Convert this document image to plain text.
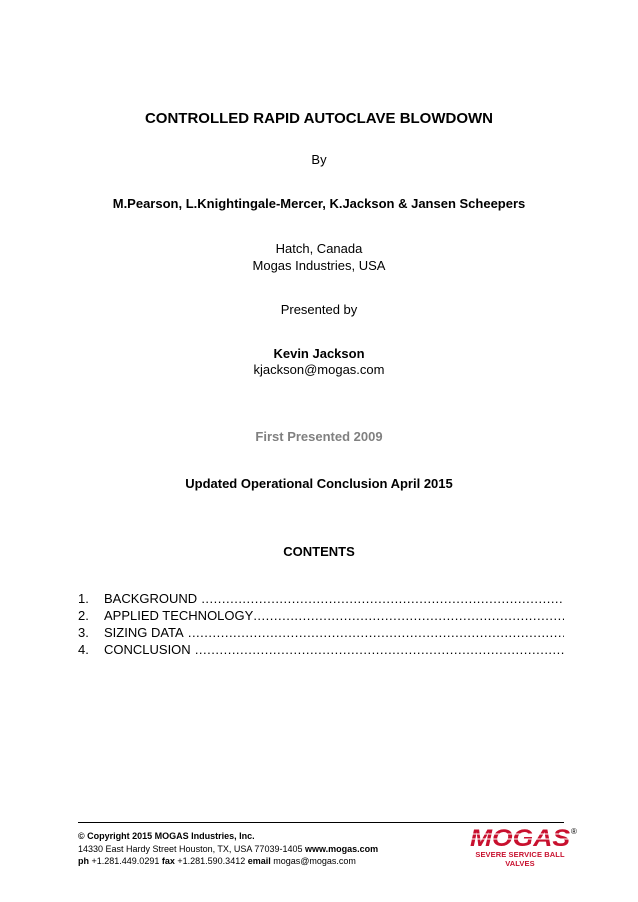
CONTROLLED RAPID AUTOCLAVE BLOWDOWN
By
M.Pearson, L.Knightingale-Mercer, K.Jackson & Jansen Scheepers
Hatch, Canada
Mogas Industries, USA
Presented by
Kevin Jackson
kjackson@mogas.com
First Presented 2009
Updated Operational Conclusion April 2015
CONTENTS
1.	BACKGROUND
.....
2.	APPLIED TECHNOLOGY
.....
3.	SIZING DATA
.....
4.	CONCLUSION
.....
© Copyright 2015 MOGAS Industries, Inc.
14330 East Hardy Street Houston, TX, USA 77039-1405 www.mogas.com
ph +1.281.449.0291 fax +1.281.590.3412 email mogas@mogas.com
MOGAS ®
SEVERE SERVICE BALL VALVES
